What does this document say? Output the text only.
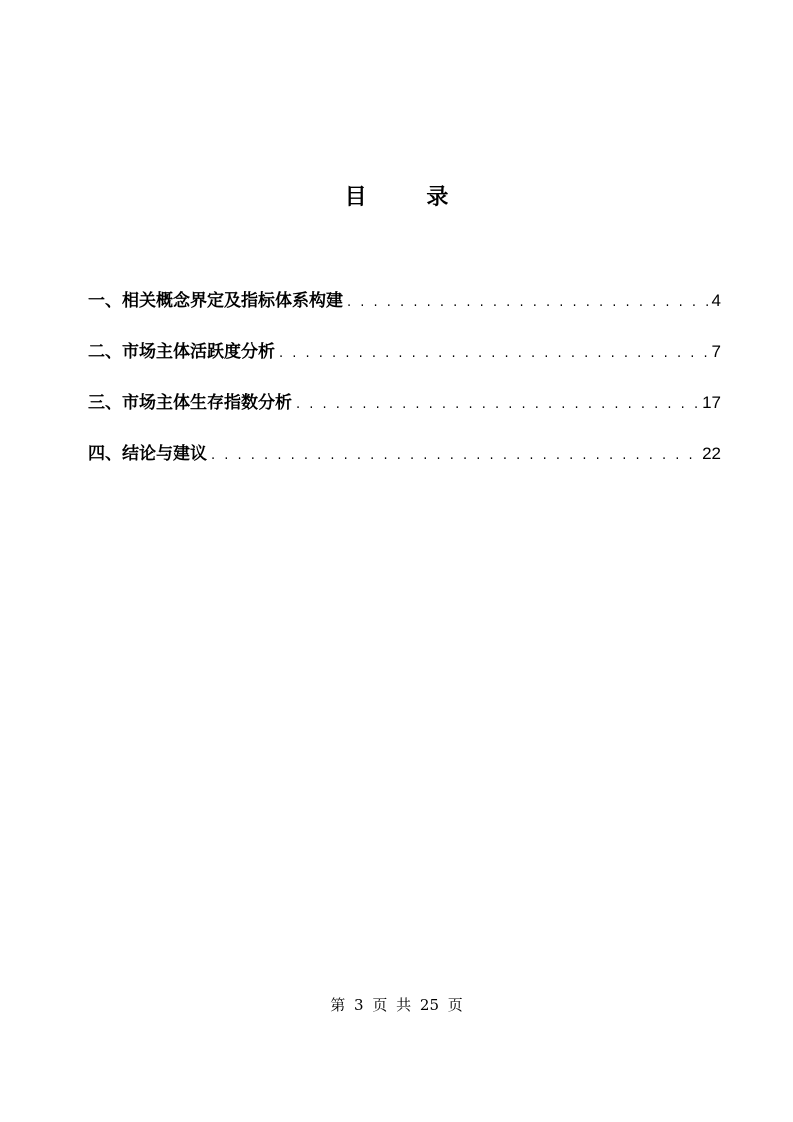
目 录
一、相关概念界定及指标体系构建 . . .	4
二、市场主体活跃度分析 . . .	7
三、市场主体生存指数分析 . . .	17
四、结论与建议 . . .	22
第 3 页 共 25 页
